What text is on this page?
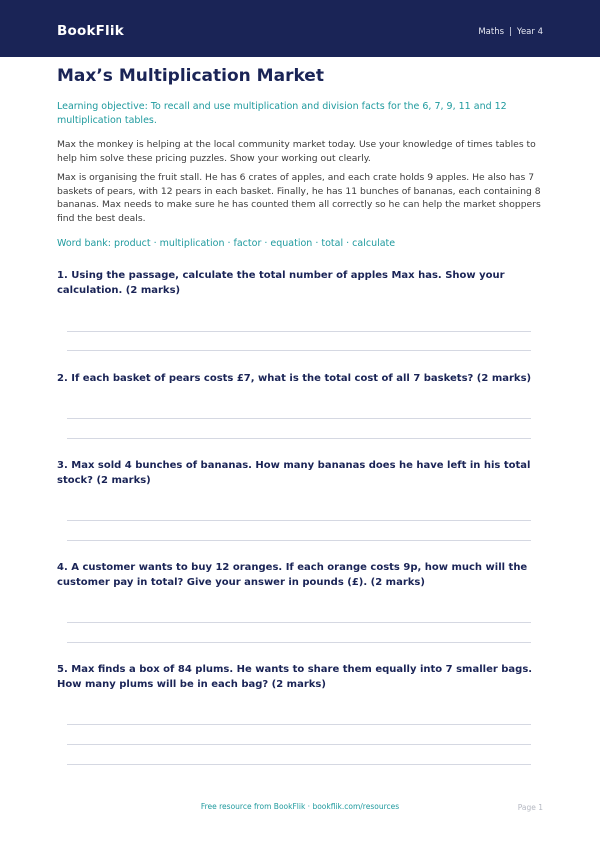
BookFlik	Maths | Year 4
Max’s Multiplication Market

Learning objective: To recall and use multiplication and division facts for the 6, 7, 9, 11 and 12 multiplication tables.

Max the monkey is helping at the local community market today. Use your knowledge of times tables to help him solve these pricing puzzles. Show your working out clearly.

Max is organising the fruit stall. He has 6 crates of apples, and each crate holds 9 apples. He also has 7 baskets of pears, with 12 pears in each basket. Finally, he has 11 bunches of bananas, each containing 8 bananas. Max needs to make sure he has counted them all correctly so he can help the market shoppers find the best deals.

Word bank: product · multiplication · factor · equation · total · calculate

1. Using the passage, calculate the total number of apples Max has. Show your calculation. (2 marks)

2. If each basket of pears costs £7, what is the total cost of all 7 baskets? (2 marks)

3. Max sold 4 bunches of bananas. How many bananas does he have left in his total stock? (2 marks)

4. A customer wants to buy 12 oranges. If each orange costs 9p, how much will the customer pay in total? Give your answer in pounds (£). (2 marks)

5. Max finds a box of 84 plums. He wants to share them equally into 7 smaller bags. How many plums will be in each bag? (2 marks)

Free resource from BookFlik · bookflik.com/resources	Page 1
